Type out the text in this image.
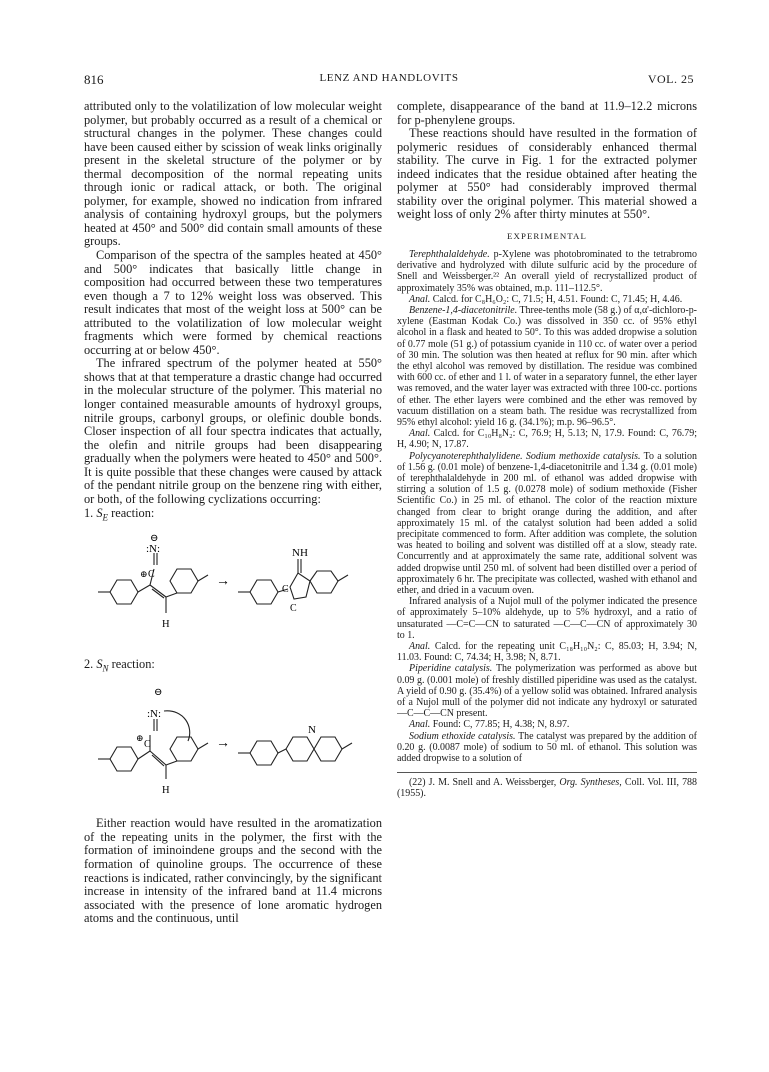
816	LENZ AND HANDLOVITS	VOL. 25

attributed only to the volatilization of low molecular weight polymer, but probably occurred as a result of a chemical or structural changes in the polymer. These changes could have been caused either by scission of weak links originally present in the skeletal structure of the polymer or by thermal decomposition of the normal repeating units through ionic or radical attack, or both. The original polymer, for example, showed no indication from infrared analysis of containing hydroxyl groups, but the polymers heated at 450° and 500° did contain small amounts of these groups.

Comparison of the spectra of the samples heated at 450° and 500° indicates that basically little change in composition had occurred between these two temperatures even though a 7 to 12% weight loss was observed. This result indicates that most of the weight loss at 500° can be attributed to the volatilization of low molecular weight fragments which were formed by chemical reactions occurring at or below 450°.

The infrared spectrum of the polymer heated at 550° shows that at that temperature a drastic change had occurred in the molecular structure of the polymer. This material no longer contained measurable amounts of hydroxyl groups, nitrile groups, carbonyl groups, or olefinic double bonds. Closer inspection of all four spectra indicates that actually, the olefin and nitrile groups had been disappearing gradually when the polymers were heated to 450° and 500°. It is quite possible that these changes were caused by attack of the pendant nitrile group on the benzene ring with either, or both, of the following cyclizations occurring:

1. $S_E$ reaction:

⊖
:N:
⊕ C
H
→
NH
C
C

2. $S_N$ reaction:

⊖
:N:
⊕
C
H
→
N

Either reaction would have resulted in the aromatization of the repeating units in the polymer, the first with the formation of iminoindene groups and the second with the formation of quinoline groups. The occurrence of these reactions is indicated, rather convincingly, by the significant increase in intensity of the infrared band at 11.4 microns associated with the presence of lone aromatic hydrogen atoms and the continuous, until

complete, disappearance of the band at 11.9–12.2 microns for p-phenylene groups.

These reactions should have resulted in the formation of polymeric residues of considerably enhanced thermal stability. The curve in Fig. 1 for the extracted polymer indeed indicates that the residue obtained after heating the polymer at 550° had considerably improved thermal stability over the original polymer. This material showed a weight loss of only 2% after thirty minutes at 550°.

EXPERIMENTAL

Terephthalaldehyde. p-Xylene was photobrominated to the tetrabromo derivative and hydrolyzed with dilute sulfuric acid by the procedure of Snell and Weissberger.²² An overall yield of recrystallized product of approximately 35% was obtained, m.p. 111–112.5°.

Anal. Calcd. for C₈H₆O₂: C, 71.5; H, 4.51. Found: C, 71.45; H, 4.46.

Benzene-1,4-diacetonitrile. Three-tenths mole (58 g.) of α,α'-dichloro-p-xylene (Eastman Kodak Co.) was dissolved in 350 cc. of 95% ethyl alcohol in a flask and heated to 50°. To this was added dropwise a solution of 0.77 mole (51 g.) of potassium cyanide in 110 cc. of water over a period of 30 min. The solution was then heated at reflux for 90 min. after which the ethyl alcohol was removed by distillation. The residue was combined with 600 cc. of ether and 1 l. of water in a separatory funnel, the ether layer was removed, and the water layer was extracted with three 100-cc. portions of ether. The ether layers were combined and the ether was removed by vacuum distillation on a steam bath. The residue was recrystallized from 95% ethyl alcohol: yield 16 g. (34.1%); m.p. 96–96.5°.

Anal. Calcd. for C₁₀H₈N₂: C, 76.9; H, 5.13; N, 17.9. Found: C, 76.79; H, 4.90; N, 17.87.

Polycyanoterephthalylidene. Sodium methoxide catalysis. To a solution of 1.56 g. (0.01 mole) of benzene-1,4-diacetonitrile and 1.34 g. (0.01 mole) of terephthalaldehyde in 200 ml. of ethanol was added dropwise with stirring a solution of 1.5 g. (0.0278 mole) of sodium methoxide (Fisher Scientific Co.) in 25 ml. of ethanol. The color of the reaction mixture changed from clear to bright orange during the addition, and after approximately 15 ml. of the catalyst solution had been added a solid precipitate commenced to form. After addition was complete, the solution was heated to boiling and solvent was distilled off at a slow, steady rate. Concurrently and at approximately the same rate, additional solvent was added dropwise until 250 ml. of solvent had been distilled over a period of approximately 6 hr. The precipitate was collected, washed with ethanol and ether, and dried in a vacuum oven.

Infrared analysis of a Nujol mull of the polymer indicated the presence of approximately 5–10% aldehyde, up to 5% hydroxyl, and a ratio of unsaturated —C=C—CN to saturated —C—C—CN of approximately 30 to 1.

Anal. Calcd. for the repeating unit C₁₈H₁₀N₂: C, 85.03; H, 3.94; N, 11.03. Found: C, 74.34; H, 3.98; N, 8.71.

Piperidine catalysis. The polymerization was performed as above but 0.09 g. (0.001 mole) of freshly distilled piperidine was used as the catalyst. A yield of 0.90 g. (35.4%) of a yellow solid was obtained. Infrared analysis of a Nujol mull of the polymer did not indicate any hydroxyl or saturated —C—C—CN present.

Anal. Found: C, 77.85; H, 4.38; N, 8.97.

Sodium ethoxide catalysis. The catalyst was prepared by the addition of 0.20 g. (0.0087 mole) of sodium to 50 ml. of ethanol. This solution was added dropwise to a solution of

(22) J. M. Snell and A. Weissberger, Org. Syntheses, Coll. Vol. III, 788 (1955).
